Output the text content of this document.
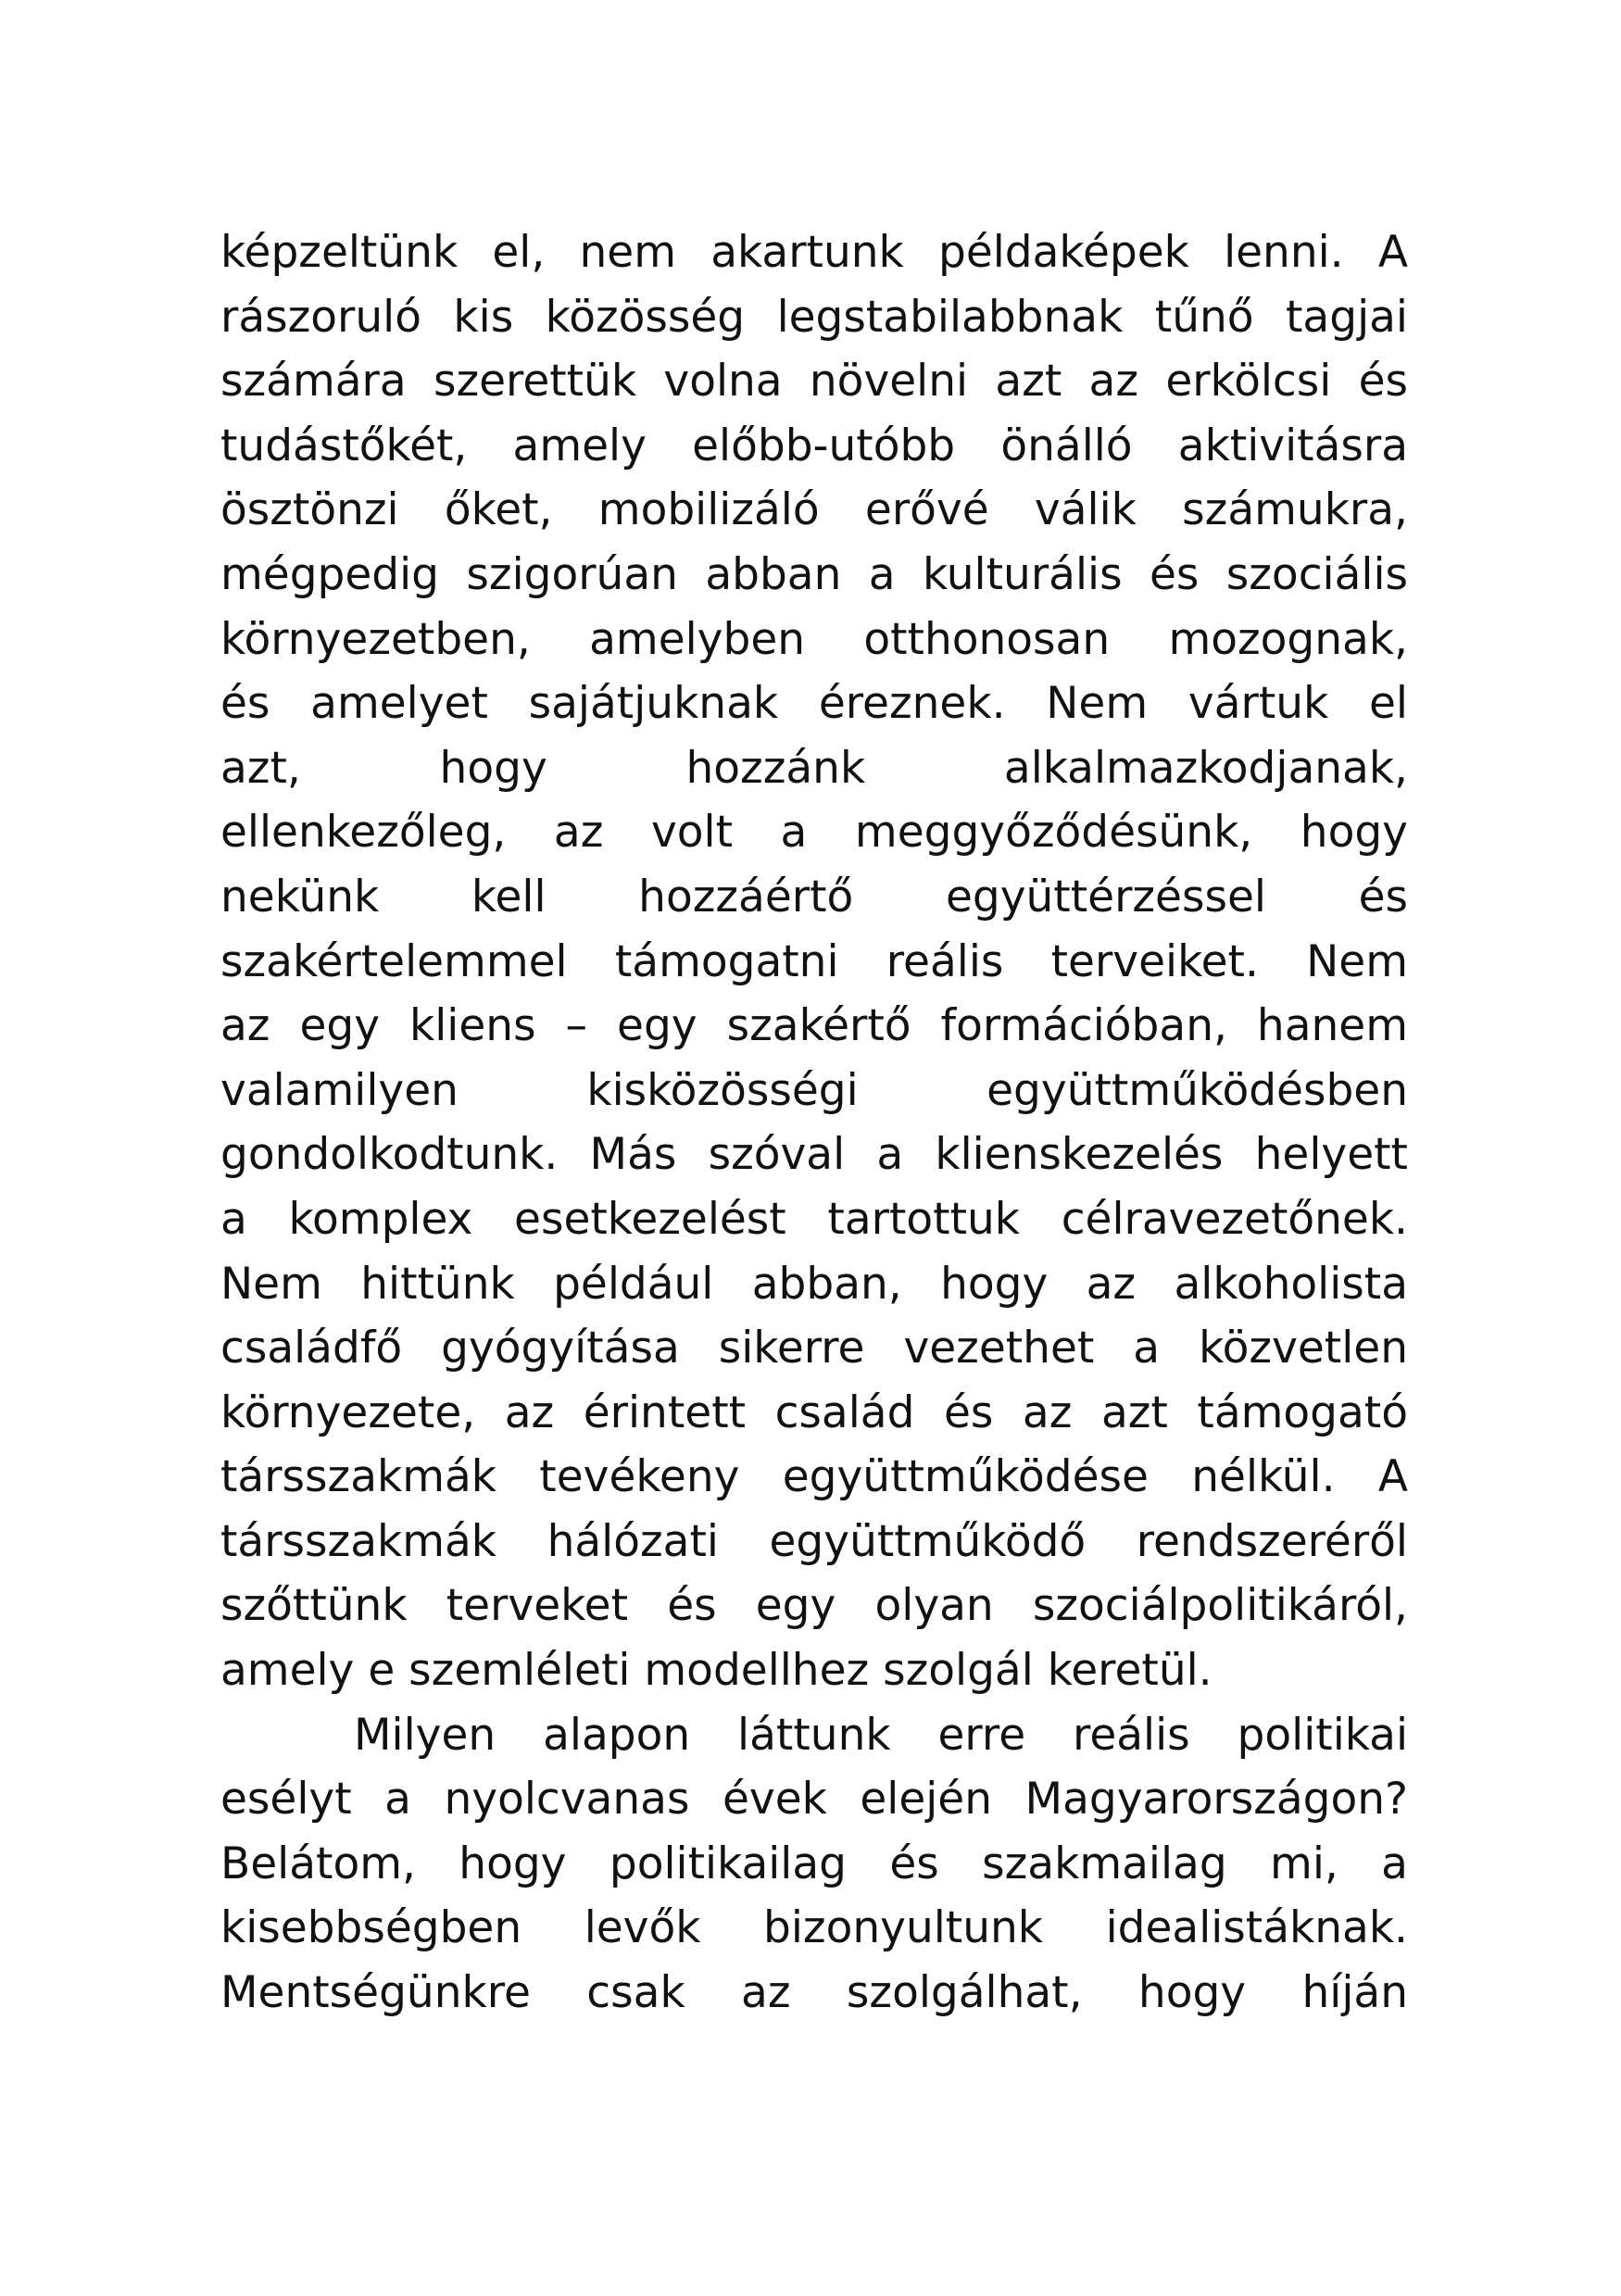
képzeltünk el, nem akartunk példaképek lenni. A
rászoruló kis közösség legstabilabbnak tűnő tagjai
számára szerettük volna növelni azt az erkölcsi és
tudástőkét, amely előbb-utóbb önálló aktivitásra
ösztönzi őket, mobilizáló erővé válik számukra,
mégpedig szigorúan abban a kulturális és szociális
környezetben, amelyben otthonosan mozognak,
és amelyet sajátjuknak éreznek. Nem vártuk el
azt, hogy hozzánk alkalmazkodjanak,
ellenkezőleg, az volt a meggyőződésünk, hogy
nekünk kell hozzáértő együttérzéssel és
szakértelemmel támogatni reális terveiket. Nem
az egy kliens – egy szakértő formációban, hanem
valamilyen kisközösségi együttműködésben
gondolkodtunk. Más szóval a klienskezelés helyett
a komplex esetkezelést tartottuk célravezetőnek.
Nem hittünk például abban, hogy az alkoholista
családfő gyógyítása sikerre vezethet a közvetlen
környezete, az érintett család és az azt támogató
társszakmák tevékeny együttműködése nélkül. A
társszakmák hálózati együttműködő rendszeréről
szőttünk terveket és egy olyan szociálpolitikáról,
amely e szemléleti modellhez szolgál keretül.
Milyen alapon láttunk erre reális politikai
esélyt a nyolcvanas évek elején Magyarországon?
Belátom, hogy politikailag és szakmailag mi, a
kisebbségben levők bizonyultunk idealistáknak.
Mentségünkre csak az szolgálhat, hogy híján
